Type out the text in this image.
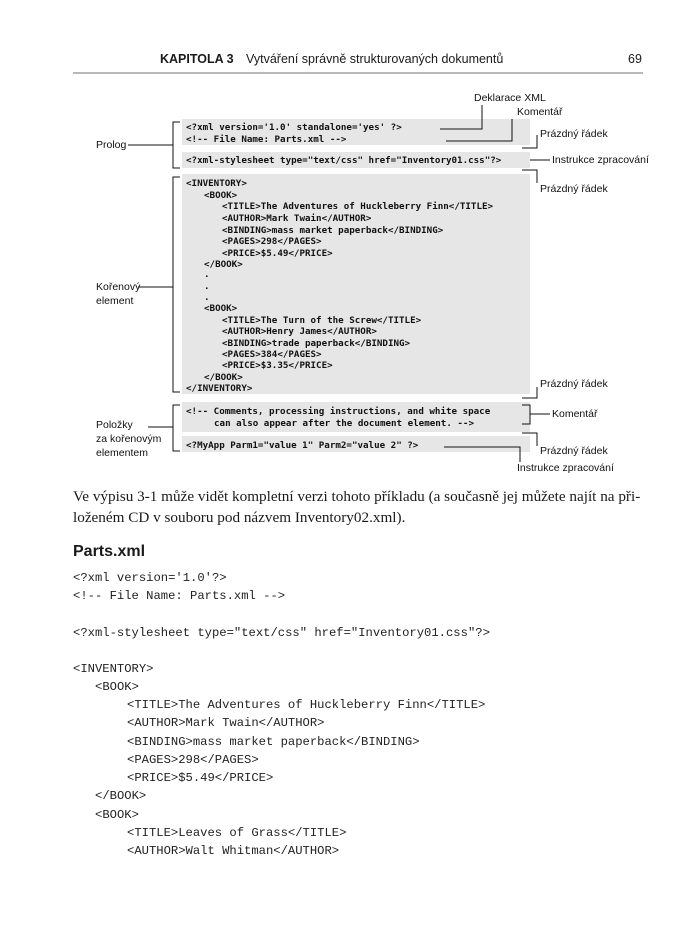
KAPITOLA 3 Vytváření správně strukturovaných dokumentů	69
<?xml version='1.0' standalone='yes' ?>
<!-- File Name: Parts.xml -->
<?xml-stylesheet type="text/css" href="Inventory01.css"?>
<INVENTORY>
<BOOK>
<TITLE>The Adventures of Huckleberry Finn</TITLE>
<AUTHOR>Mark Twain</AUTHOR>
<BINDING>mass market paperback</BINDING>
<PAGES>298</PAGES>
<PRICE>$5.49</PRICE>
</BOOK>
.
.
.
<BOOK>
<TITLE>The Turn of the Screw</TITLE>
<AUTHOR>Henry James</AUTHOR>
<BINDING>trade paperback</BINDING>
<PAGES>384</PAGES>
<PRICE>$3.35</PRICE>
</BOOK>
</INVENTORY>
<!-- Comments, processing instructions, and white space
can also appear after the document element. -->
<?MyApp Parm1="value 1" Parm2="value 2" ?>
Deklarace XML
Komentář
Prázdný řádek
Instrukce zpracování
Prázdný řádek
Prolog
Kořenový
element
Prázdný řádek
Komentář
Položky
za kořenovým
elementem	Prázdný řádek
Instrukce zpracování
Ve výpisu 3-1 může vidět kompletní verzi tohoto příkladu (a současně jej můžete najít na při-
loženém CD v souboru pod názvem Inventory02.xml).
Parts.xml
<?xml version='1.0'?>
<!-- File Name: Parts.xml -->
<?xml-stylesheet type="text/css" href="Inventory01.css"?>
<INVENTORY>
<BOOK>
<TITLE>The Adventures of Huckleberry Finn</TITLE>
<AUTHOR>Mark Twain</AUTHOR>
<BINDING>mass market paperback</BINDING>
<PAGES>298</PAGES>
<PRICE>$5.49</PRICE>
</BOOK>
<BOOK>
<TITLE>Leaves of Grass</TITLE>
<AUTHOR>Walt Whitman</AUTHOR>
